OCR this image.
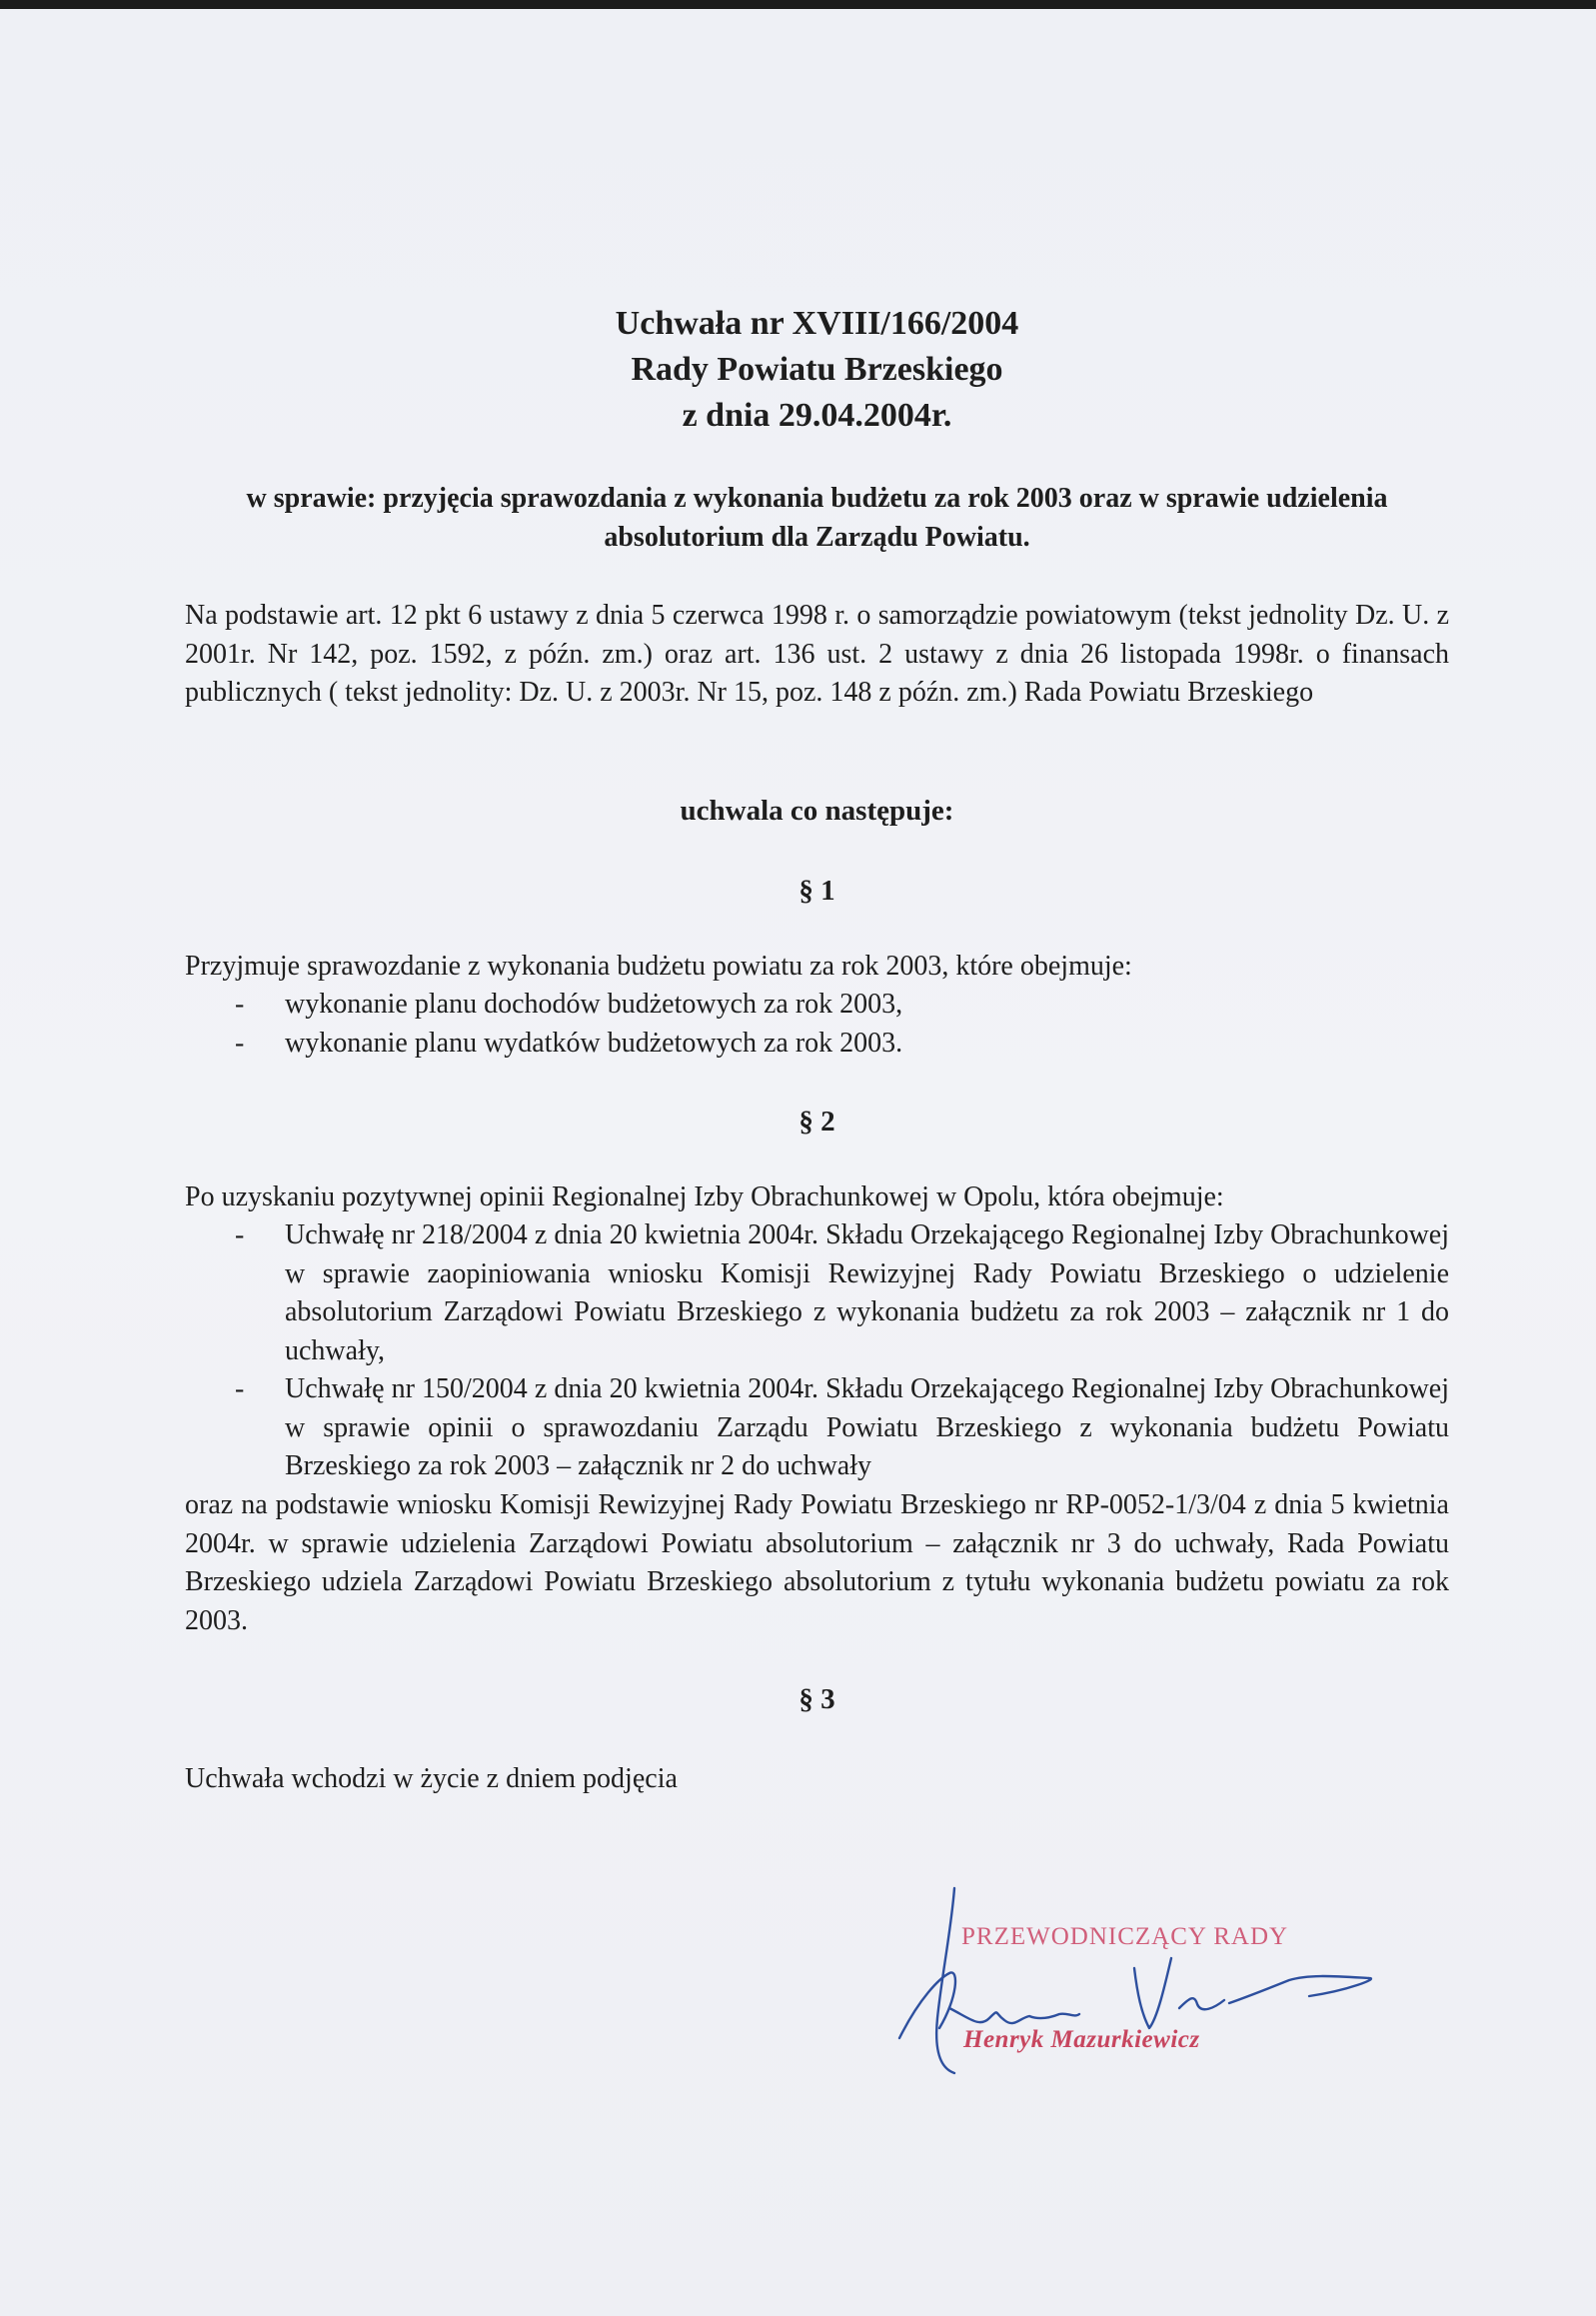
Uchwała nr XVIII/166/2004
Rady Powiatu Brzeskiego
z dnia 29.04.2004r.
w sprawie: przyjęcia sprawozdania z wykonania budżetu za rok 2003 oraz w sprawie udzielenia absolutorium dla Zarządu Powiatu.
Na podstawie art. 12 pkt 6 ustawy z dnia 5 czerwca 1998 r. o samorządzie powiatowym (tekst jednolity Dz. U. z 2001r. Nr 142, poz. 1592, z późn. zm.) oraz art. 136 ust. 2 ustawy z dnia 26 listopada 1998r. o finansach publicznych ( tekst jednolity: Dz. U. z 2003r. Nr 15, poz. 148 z późn. zm.) Rada Powiatu Brzeskiego
uchwala co następuje:
§ 1
Przyjmuje sprawozdanie z wykonania budżetu powiatu za rok 2003, które obejmuje:
- wykonanie planu dochodów budżetowych za rok 2003,
- wykonanie planu wydatków budżetowych za rok 2003.
§ 2
Po uzyskaniu pozytywnej opinii Regionalnej Izby Obrachunkowej w Opolu, która obejmuje:
- Uchwałę nr 218/2004 z dnia 20 kwietnia 2004r. Składu Orzekającego Regionalnej Izby Obrachunkowej w sprawie zaopiniowania wniosku Komisji Rewizyjnej Rady Powiatu Brzeskiego o udzielenie absolutorium Zarządowi Powiatu Brzeskiego z wykonania budżetu za rok 2003 – załącznik nr 1 do uchwały,
- Uchwałę nr 150/2004 z dnia 20 kwietnia 2004r. Składu Orzekającego Regionalnej Izby Obrachunkowej w sprawie opinii o sprawozdaniu Zarządu Powiatu Brzeskiego z wykonania budżetu Powiatu Brzeskiego za rok 2003 – załącznik nr 2 do uchwały
oraz na podstawie wniosku Komisji Rewizyjnej Rady Powiatu Brzeskiego nr RP-0052-1/3/04 z dnia 5 kwietnia 2004r. w sprawie udzielenia Zarządowi Powiatu absolutorium – załącznik nr 3 do uchwały, Rada Powiatu Brzeskiego udziela Zarządowi Powiatu Brzeskiego absolutorium z tytułu wykonania budżetu powiatu za rok 2003.
§ 3
Uchwała wchodzi w życie z dniem podjęcia
PRZEWODNICZĄCY RADY
Henryk Mazurkiewicz
